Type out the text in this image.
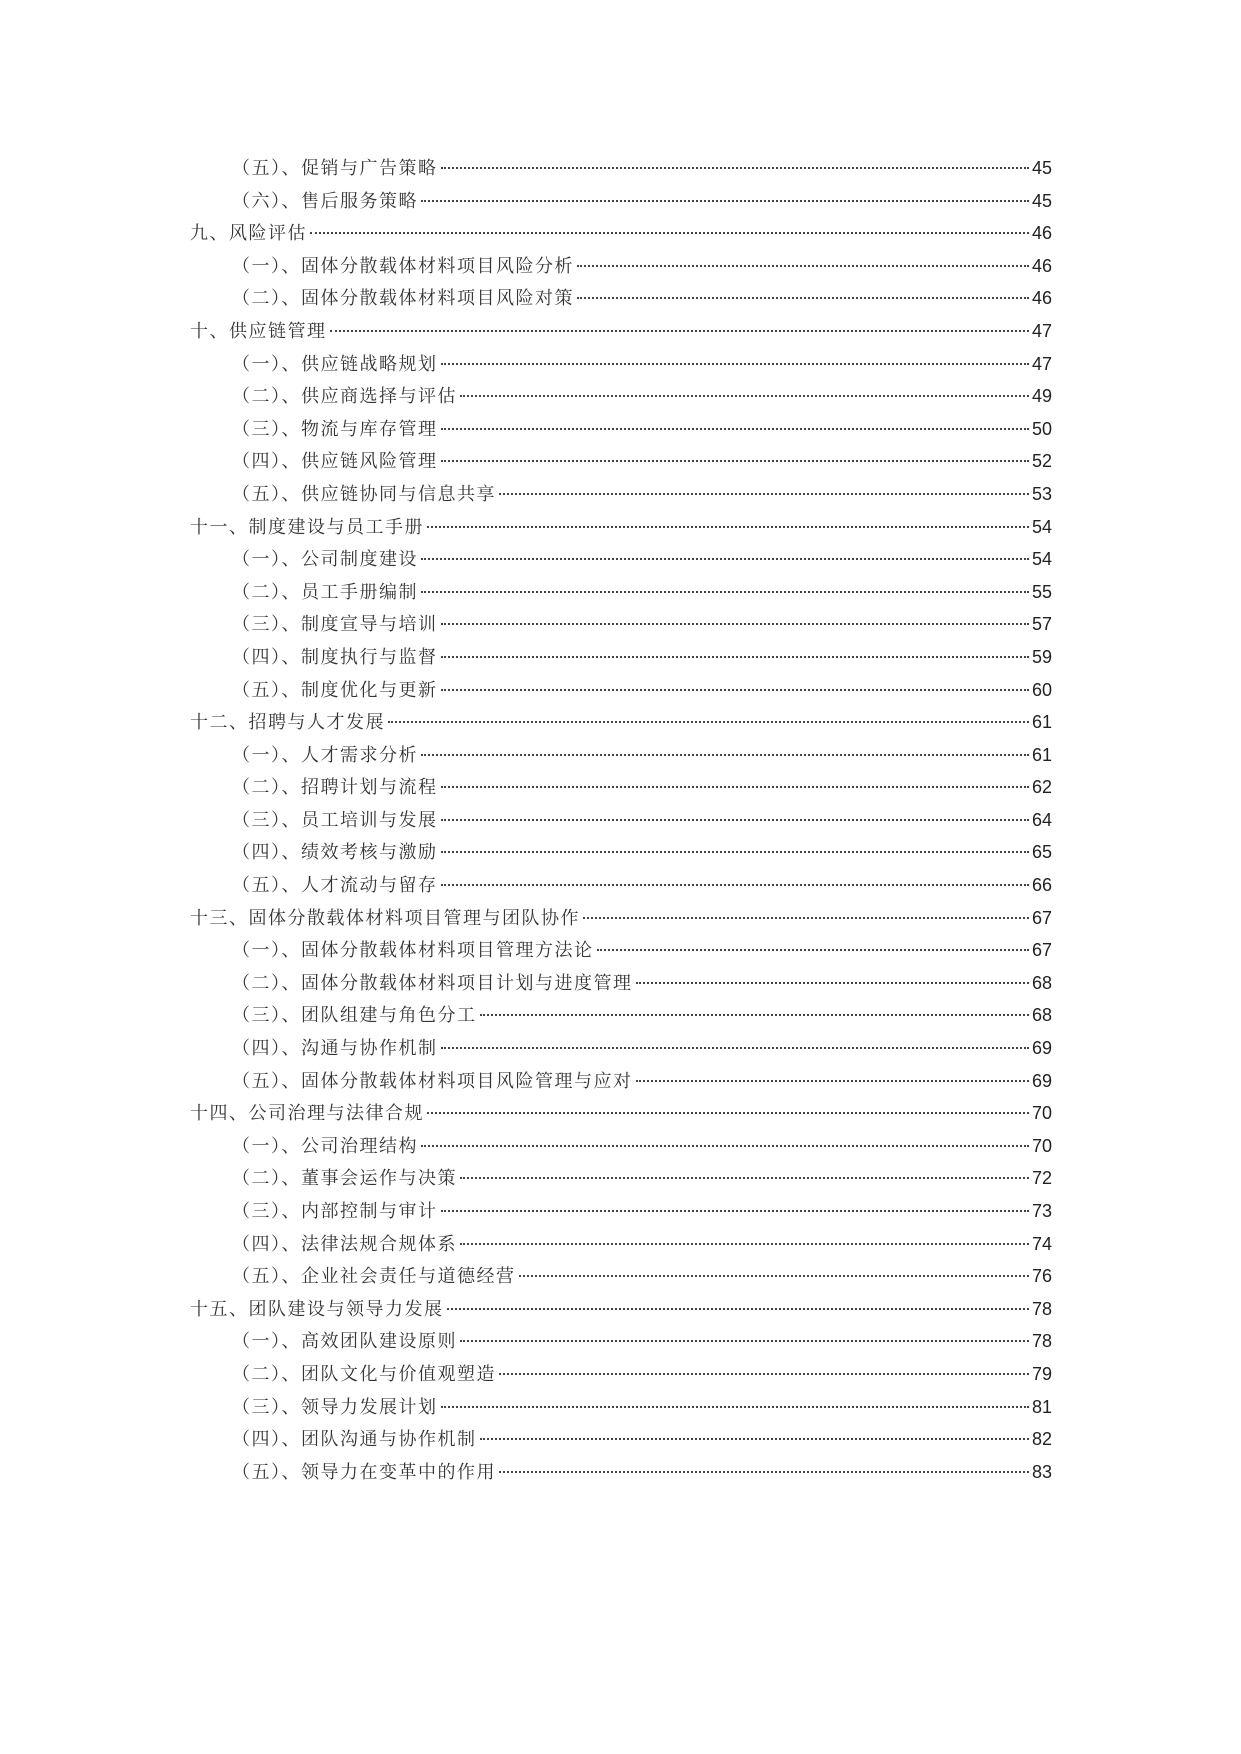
（五）、促销与广告策略	45
（六）、售后服务策略	45
九、风险评估	46
（一）、固体分散载体材料项目风险分析	46
（二）、固体分散载体材料项目风险对策	46
十、供应链管理	47
（一）、供应链战略规划	47
（二）、供应商选择与评估	49
（三）、物流与库存管理	50
（四）、供应链风险管理	52
（五）、供应链协同与信息共享	53
十一、制度建设与员工手册	54
（一）、公司制度建设	54
（二）、员工手册编制	55
（三）、制度宣导与培训	57
（四）、制度执行与监督	59
（五）、制度优化与更新	60
十二、招聘与人才发展	61
（一）、人才需求分析	61
（二）、招聘计划与流程	62
（三）、员工培训与发展	64
（四）、绩效考核与激励	65
（五）、人才流动与留存	66
十三、固体分散载体材料项目管理与团队协作	67
（一）、固体分散载体材料项目管理方法论	67
（二）、固体分散载体材料项目计划与进度管理	68
（三）、团队组建与角色分工	68
（四）、沟通与协作机制	69
（五）、固体分散载体材料项目风险管理与应对	69
十四、公司治理与法律合规	70
（一）、公司治理结构	70
（二）、董事会运作与决策	72
（三）、内部控制与审计	73
（四）、法律法规合规体系	74
（五）、企业社会责任与道德经营	76
十五、团队建设与领导力发展	78
（一）、高效团队建设原则	78
（二）、团队文化与价值观塑造	79
（三）、领导力发展计划	81
（四）、团队沟通与协作机制	82
（五）、领导力在变革中的作用	83
